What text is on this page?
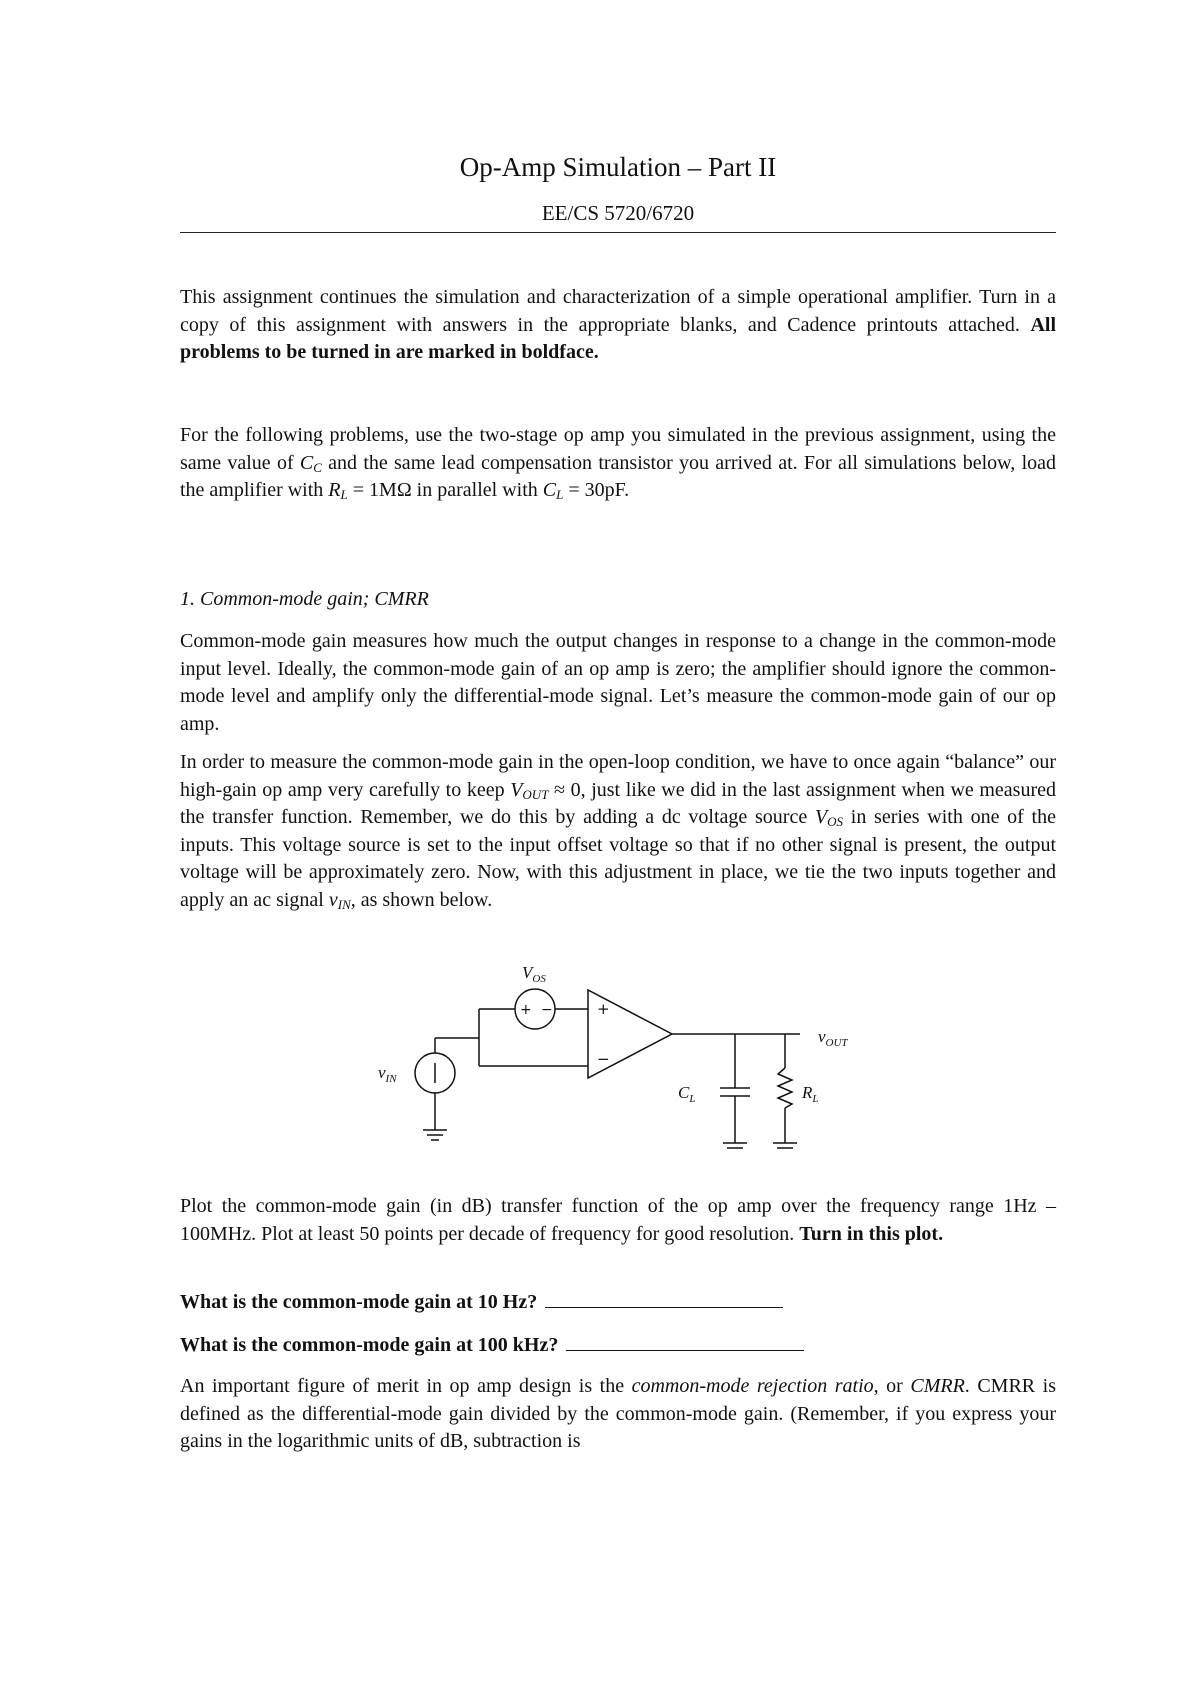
Op-Amp Simulation – Part II
EE/CS 5720/6720

This assignment continues the simulation and characterization of a simple operational amplifier. Turn in a copy of this assignment with answers in the appropriate blanks, and Cadence printouts attached. All problems to be turned in are marked in boldface.

For the following problems, use the two-stage op amp you simulated in the previous assignment, using the same value of $C_C$ and the same lead compensation transistor you arrived at. For all simulations below, load the amplifier with $R_L = 1M\Omega$ in parallel with $C_L = 30pF$.

1. Common-mode gain; CMRR

Common-mode gain measures how much the output changes in response to a change in the common-mode input level. Ideally, the common-mode gain of an op amp is zero; the amplifier should ignore the common-mode level and amplify only the differential-mode signal. Let’s measure the common-mode gain of our op amp.

In order to measure the common-mode gain in the open-loop condition, we have to once again “balance” our high-gain op amp very carefully to keep $V_{OUT} \approx 0$, just like we did in the last assignment when we measured the transfer function. Remember, we do this by adding a dc voltage source $V_{OS}$ in series with one of the inputs. This voltage source is set to the input offset voltage so that if no other signal is present, the output voltage will be approximately zero. Now, with this adjustment in place, we tie the two inputs together and apply an ac signal $v_{IN}$, as shown below.

+
−
+ −
$V_{OS}$
$v_{IN}$
$v_{OUT}$
$C_L$	$R_L$

Plot the common-mode gain (in dB) transfer function of the op amp over the frequency range 1Hz – 100MHz. Plot at least 50 points per decade of frequency for good resolution. Turn in this plot.

What is the common-mode gain at 10 Hz?
What is the common-mode gain at 100 kHz?

An important figure of merit in op amp design is the common-mode rejection ratio, or CMRR. CMRR is defined as the differential-mode gain divided by the common-mode gain. (Remember, if you express your gains in the logarithmic units of dB, subtraction is
